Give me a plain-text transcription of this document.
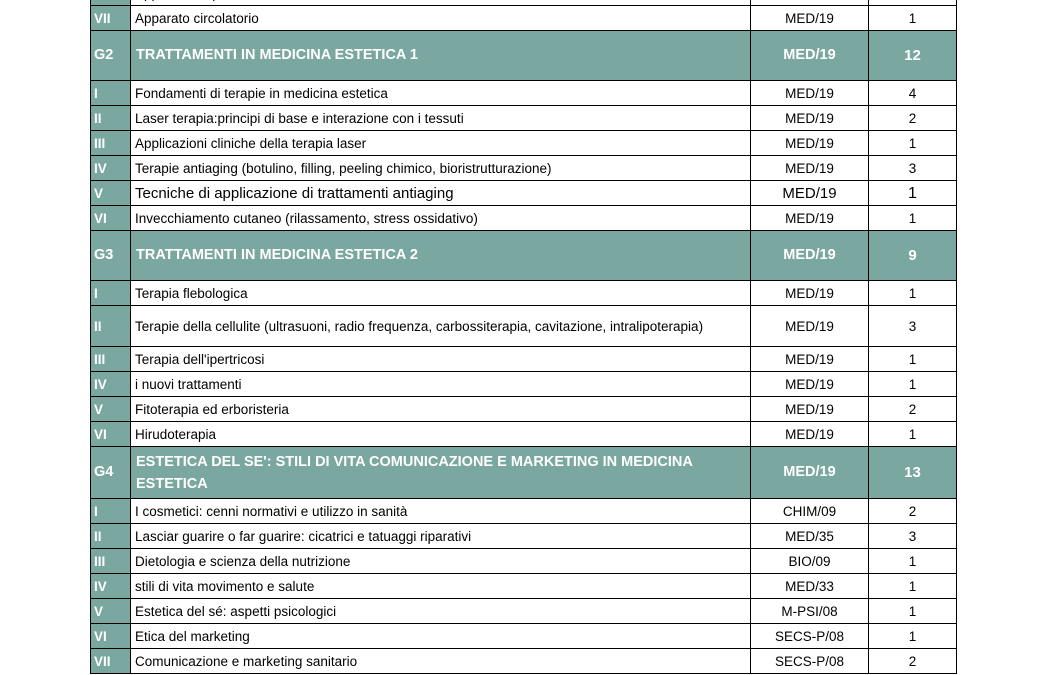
VII	Apparato circolatorio	MED/19	1
G2	TRATTAMENTI IN MEDICINA ESTETICA 1	MED/19	12
I	Fondamenti di terapie in medicina estetica	MED/19	4
II	Laser terapia:principi di base e interazione con i tessuti	MED/19	2
III	Applicazioni cliniche della terapia laser	MED/19	1
IV	Terapie antiaging (botulino, filling, peeling chimico, bioristrutturazione)	MED/19	3
V	Tecniche di applicazione di trattamenti antiaging	MED/19	1
VI	Invecchiamento cutaneo (rilassamento, stress ossidativo)	MED/19	1
G3	TRATTAMENTI IN MEDICINA ESTETICA 2	MED/19	9
I	Terapia flebologica	MED/19	1
II	Terapie della cellulite (ultrasuoni, radio frequenza, carbossiterapia, cavitazione, intralipoterapia)	MED/19	3
III	Terapia dell'ipertricosi	MED/19	1
IV	i nuovi trattamenti	MED/19	1
V	Fitoterapia ed erboristeria	MED/19	2
VI	Hirudoterapia	MED/19	1
G4	ESTETICA DEL SE': STILI DI VITA COMUNICAZIONE E MARKETING IN MEDICINA ESTETICA	MED/19	13
I	I cosmetici: cenni normativi e utilizzo in sanità	CHIM/09	2
II	Lasciar guarire o far guarire: cicatrici e tatuaggi riparativi	MED/35	3
III	Dietologia e scienza della nutrizione	BIO/09	1
IV	stili di vita movimento e salute	MED/33	1
V	Estetica del sé: aspetti psicologici	M-PSI/08	1
VI	Etica del marketing	SECS-P/08	1
VII	Comunicazione e marketing sanitario	SECS-P/08	2
